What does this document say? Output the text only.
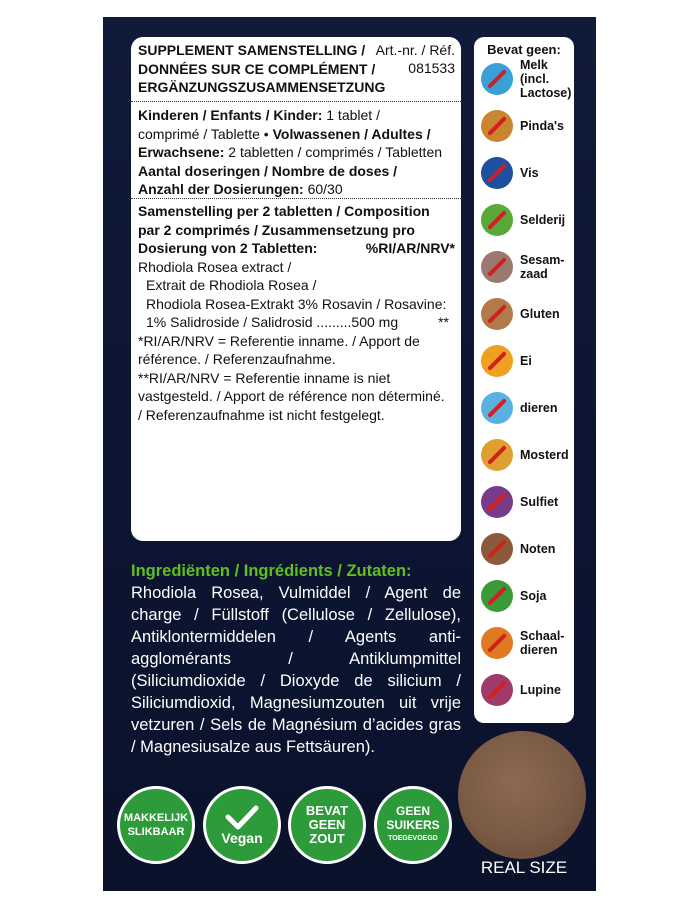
SUPPLEMENT SAMENSTELLING /
DONNÉES SUR CE COMPLÉMENT /
ERGÄNZUNGSZUSAMMENSETZUNG
Art.-nr. / Réf.
081533
Kinderen / Enfants / Kinder: 1 tablet /
comprimé / Tablette • Volwassenen / Adultes /
Erwachsene: 2 tabletten / comprimés / Tabletten
Aantal doseringen / Nombre de doses /
Anzahl der Dosierungen: 60/30
Samenstelling per 2 tabletten / Composition
par 2 comprimés / Zusammensetzung pro
Dosierung von 2 Tabletten:	%RI/AR/NRV*
Rhodiola Rosea extract /
Extrait de Rhodiola Rosea /
Rhodiola Rosea-Extrakt 3% Rosavin / Rosavine:
1% Salidroside / Salidrosid .........500 mg	**
*RI/AR/NRV = Referentie inname. / Apport de
référence. / Referenzaufnahme.
**RI/AR/NRV = Referentie inname is niet
vastgesteld. / Apport de référence non déterminé.
/ Referenzaufnahme ist nicht festgelegt.
Bevat geen:
Melk (incl. Lactose)
Pinda's
Vis
Selderij
Sesam-zaad
Gluten
Ei
dieren
Mosterd
Sulfiet
Noten
Soja
Schaal-dieren
Lupine
Ingrediënten / Ingrédients / Zutaten:
Rhodiola Rosea, Vulmiddel / Agent de charge / Füllstoff (Cellulose / Zellulose), Antiklontermiddelen / Agents anti-agglomérants / Antiklumpmittel (Siliciumdioxide / Dioxyde de silicium / Siliciumdioxid, Magnesiumzouten uit vrije vetzuren / Sels de Magnésium d’acides gras / Magnesiusalze aus Fettsäuren).
MAKKELIJK
SLIKBAAR	Vegan
BEVAT
GEEN
ZOUT
GEEN
SUIKERS
TOEGEVOEGD
REAL SIZE
